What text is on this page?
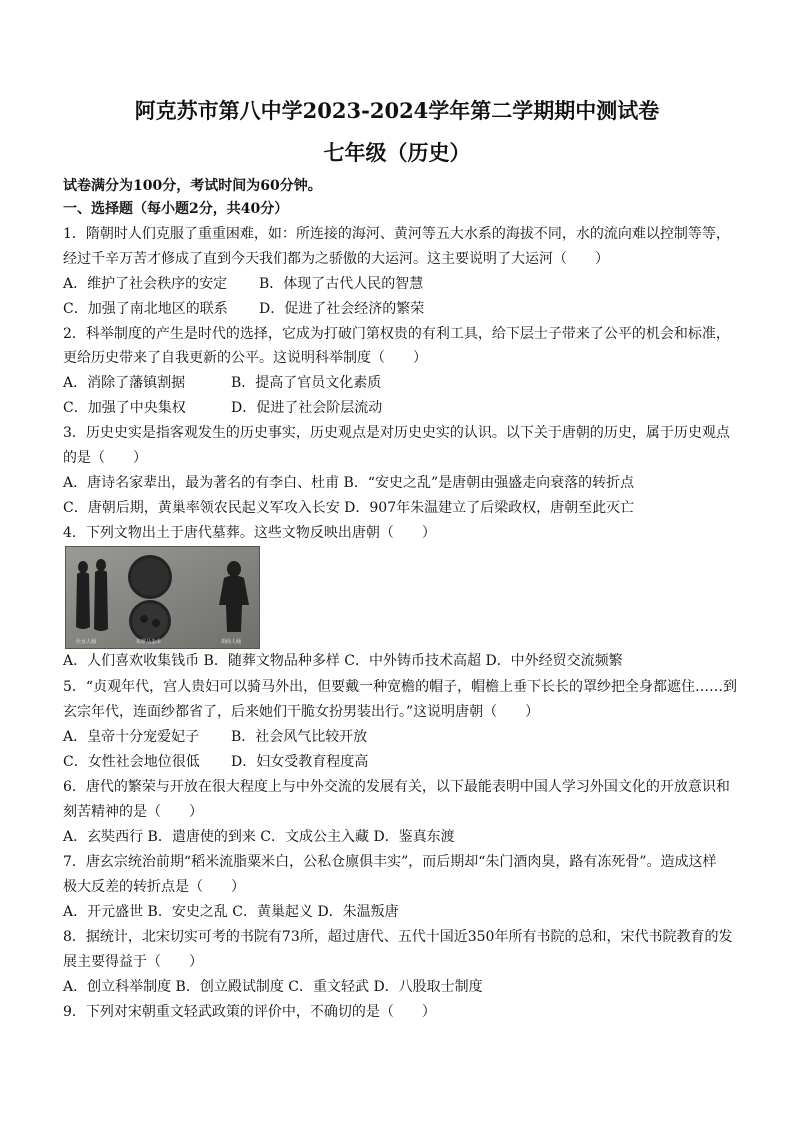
阿克苏市第八中学2023-2024学年第二学期期中测试卷
七年级（历史）
试卷满分为100分，考试时间为60分钟。
一、选择题（每小题2分，共40分）
1．隋朝时人们克服了重重困难，如：所连接的海河、黄河等五大水系的海拔不同，水的流向难以控制等等，
经过千辛万苦才修成了直到今天我们都为之骄傲的大运河。这主要说明了大运河（　　）
A．维护了社会秩序的安定 B．体现了古代人民的智慧
C．加强了南北地区的联系 D．促进了社会经济的繁荣
2．科举制度的产生是时代的选择，它成为打破门第权贵的有利工具，给下层士子带来了公平的机会和标准，
更给历史带来了自我更新的公平。这说明科举制度（　　）
A．消除了藩镇割据	B．提高了官员文化素质
C．加强了中央集权	D．促进了社会阶层流动
3．历史史实是指客观发生的历史事实，历史观点是对历史史实的认识。以下关于唐朝的历史，属于历史观点
的是（　　）
A．唐诗名家辈出，最为著名的有李白、杜甫 B．“安史之乱”是唐朝由强盛走向衰落的转折点
C．唐朝后期，黄巢率领农民起义军攻入长安 D．907年朱温建立了后梁政权，唐朝至此灭亡
4．下列文物出土于唐代墓葬。这些文物反映出唐朝（　　）
仕女人俑	东罗马金币	胡商人俑
A．人们喜欢收集钱币 B．随葬文物品种多样 C．中外铸币技术高超 D．中外经贸交流频繁
5．“贞观年代，宫人贵妇可以骑马外出，但要戴一种宽檐的帽子，帽檐上垂下长长的罩纱把全身都遮住……到
玄宗年代，连面纱都省了，后来她们干脆女扮男装出行。”这说明唐朝（　　）
A．皇帝十分宠爱妃子 B．社会风气比较开放
C．女性社会地位很低 D．妇女受教育程度高
6．唐代的繁荣与开放在很大程度上与中外交流的发展有关，以下最能表明中国人学习外国文化的开放意识和
刻苦精神的是（　　）
A．玄奘西行 B．遣唐使的到来 C．文成公主入藏 D．鉴真东渡
7．唐玄宗统治前期“稻米流脂粟米白，公私仓廪俱丰实”，而后期却“朱门酒肉臭，路有冻死骨”。造成这样
极大反差的转折点是（　　）
A．开元盛世 B．安史之乱 C．黄巢起义 D．朱温叛唐
8．据统计，北宋切实可考的书院有73所，超过唐代、五代十国近350年所有书院的总和，宋代书院教育的发
展主要得益于（　　）
A．创立科举制度 B．创立殿试制度 C．重文轻武 D．八股取士制度
9．下列对宋朝重文轻武政策的评价中，不确切的是（　　）
